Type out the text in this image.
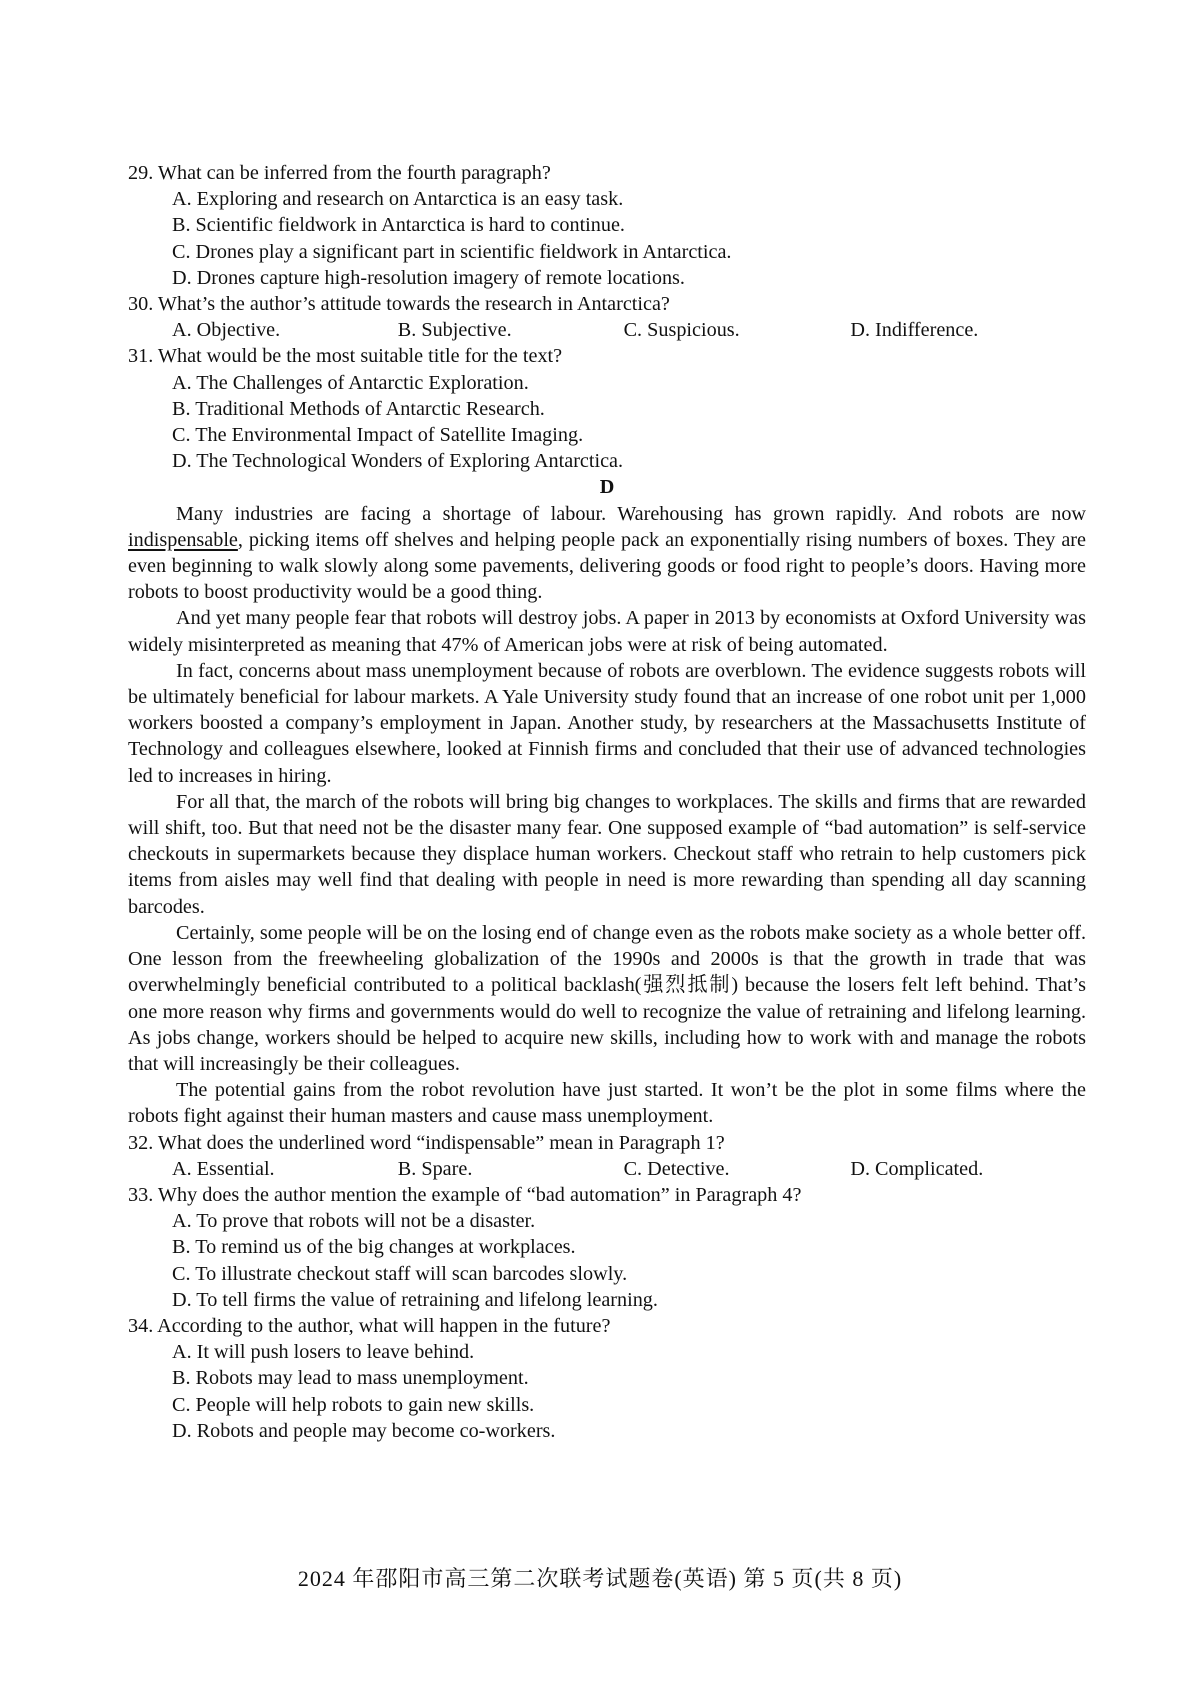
29. What can be inferred from the fourth paragraph?

A. Exploring and research on Antarctica is an easy task.

B. Scientific fieldwork in Antarctica is hard to continue.

C. Drones play a significant part in scientific fieldwork in Antarctica.

D. Drones capture high-resolution imagery of remote locations.

30. What’s the author’s attitude towards the research in Antarctica?

A. Objective.	B. Subjective.	C. Suspicious.	D. Indifference.

31. What would be the most suitable title for the text?

A. The Challenges of Antarctic Exploration.

B. Traditional Methods of Antarctic Research.

C. The Environmental Impact of Satellite Imaging.

D. The Technological Wonders of Exploring Antarctica.

D

Many industries are facing a shortage of labour. Warehousing has grown rapidly. And robots are now indispensable, picking items off shelves and helping people pack an exponentially rising numbers of boxes. They are even beginning to walk slowly along some pavements, delivering goods or food right to people’s doors. Having more robots to boost productivity would be a good thing.

And yet many people fear that robots will destroy jobs. A paper in 2013 by economists at Oxford University was widely misinterpreted as meaning that 47% of American jobs were at risk of being automated.

In fact, concerns about mass unemployment because of robots are overblown. The evidence suggests robots will be ultimately beneficial for labour markets. A Yale University study found that an increase of one robot unit per 1,000 workers boosted a company’s employment in Japan. Another study, by researchers at the Massachusetts Institute of Technology and colleagues elsewhere, looked at Finnish firms and concluded that their use of advanced technologies led to increases in hiring.

For all that, the march of the robots will bring big changes to workplaces. The skills and firms that are rewarded will shift, too. But that need not be the disaster many fear. One supposed example of “bad automation” is self-service checkouts in supermarkets because they displace human workers. Checkout staff who retrain to help customers pick items from aisles may well find that dealing with people in need is more rewarding than spending all day scanning barcodes.

Certainly, some people will be on the losing end of change even as the robots make society as a whole better off. One lesson from the freewheeling globalization of the 1990s and 2000s is that the growth in trade that was overwhelmingly beneficial contributed to a political backlash(强烈抵制) because the losers felt left behind. That’s one more reason why firms and governments would do well to recognize the value of retraining and lifelong learning. As jobs change, workers should be helped to acquire new skills, including how to work with and manage the robots that will increasingly be their colleagues.

The potential gains from the robot revolution have just started. It won’t be the plot in some films where the robots fight against their human masters and cause mass unemployment.

32. What does the underlined word “indispensable” mean in Paragraph 1?

A. Essential.	B. Spare.	C. Detective.	D. Complicated.

33. Why does the author mention the example of “bad automation” in Paragraph 4?

A. To prove that robots will not be a disaster.

B. To remind us of the big changes at workplaces.

C. To illustrate checkout staff will scan barcodes slowly.

D. To tell firms the value of retraining and lifelong learning.

34. According to the author, what will happen in the future?

A. It will push losers to leave behind.

B. Robots may lead to mass unemployment.

C. People will help robots to gain new skills.

D. Robots and people may become co-workers.

2024 年邵阳市高三第二次联考试题卷(英语) 第 5 页(共 8 页)
